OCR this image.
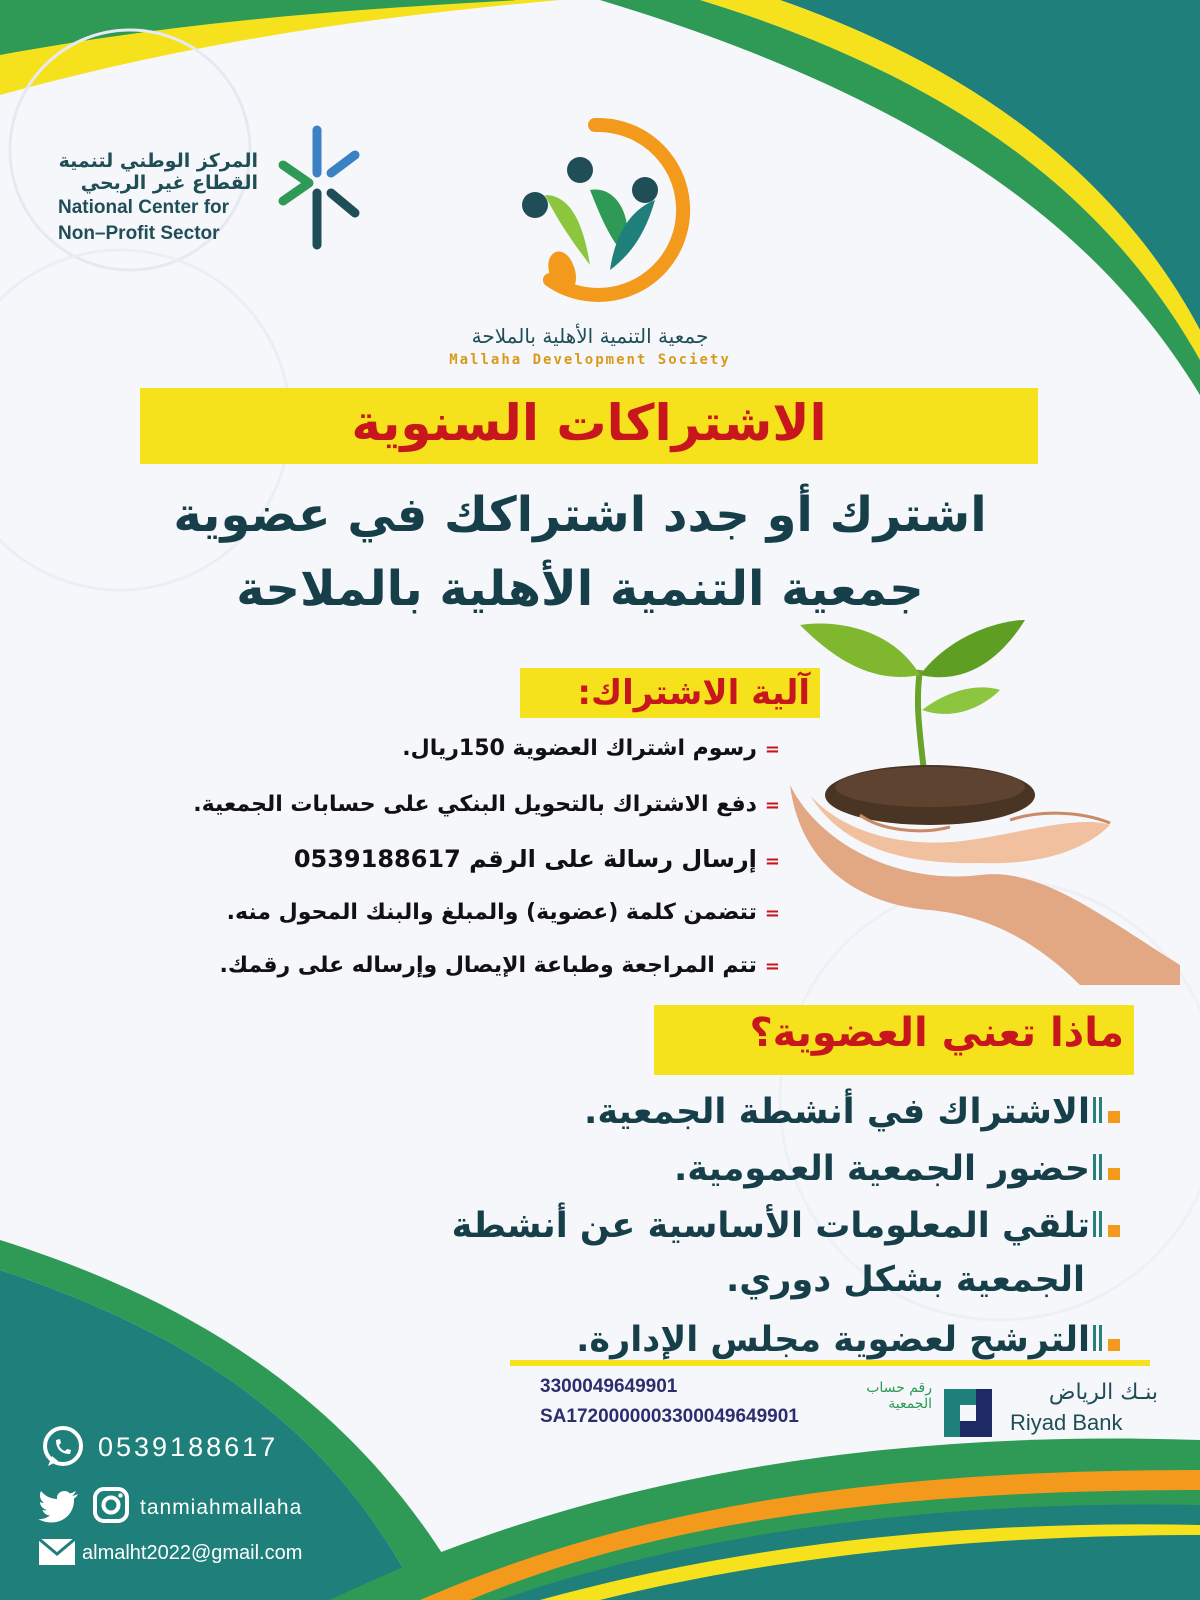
المركز الوطني لتنمية
القطاع غير الربحي
National Center for
Non–Profit Sector
جمعية التنمية الأهلية بالملاحة
Mallaha Development Society
الاشتراكات السنوية
اشترك أو جدد اشتراكك في عضوية
جمعية التنمية الأهلية بالملاحة
آلية الاشتراك:
=رسوم اشتراك العضوية 150ريال.
=دفع الاشتراك بالتحويل البنكي على حسابات الجمعية.
=إرسال رسالة على الرقم 0539188617
=تتضمن كلمة (عضوية) والمبلغ والبنك المحول منه.
=تتم المراجعة وطباعة الإيصال وإرساله على رقمك.
ماذا تعني العضوية؟
الاشتراك في أنشطة الجمعية.
حضور الجمعية العمومية.
تلقي المعلومات الأساسية عن أنشطة
الجمعية بشكل دوري.
الترشح لعضوية مجلس الإدارة.
رقم حساب الجمعية
3300049649901
SA1720000003300049649901
بنـك الرياض
Riyad Bank
0539188617
tanmiahmallaha
almalht2022@gmail.com
